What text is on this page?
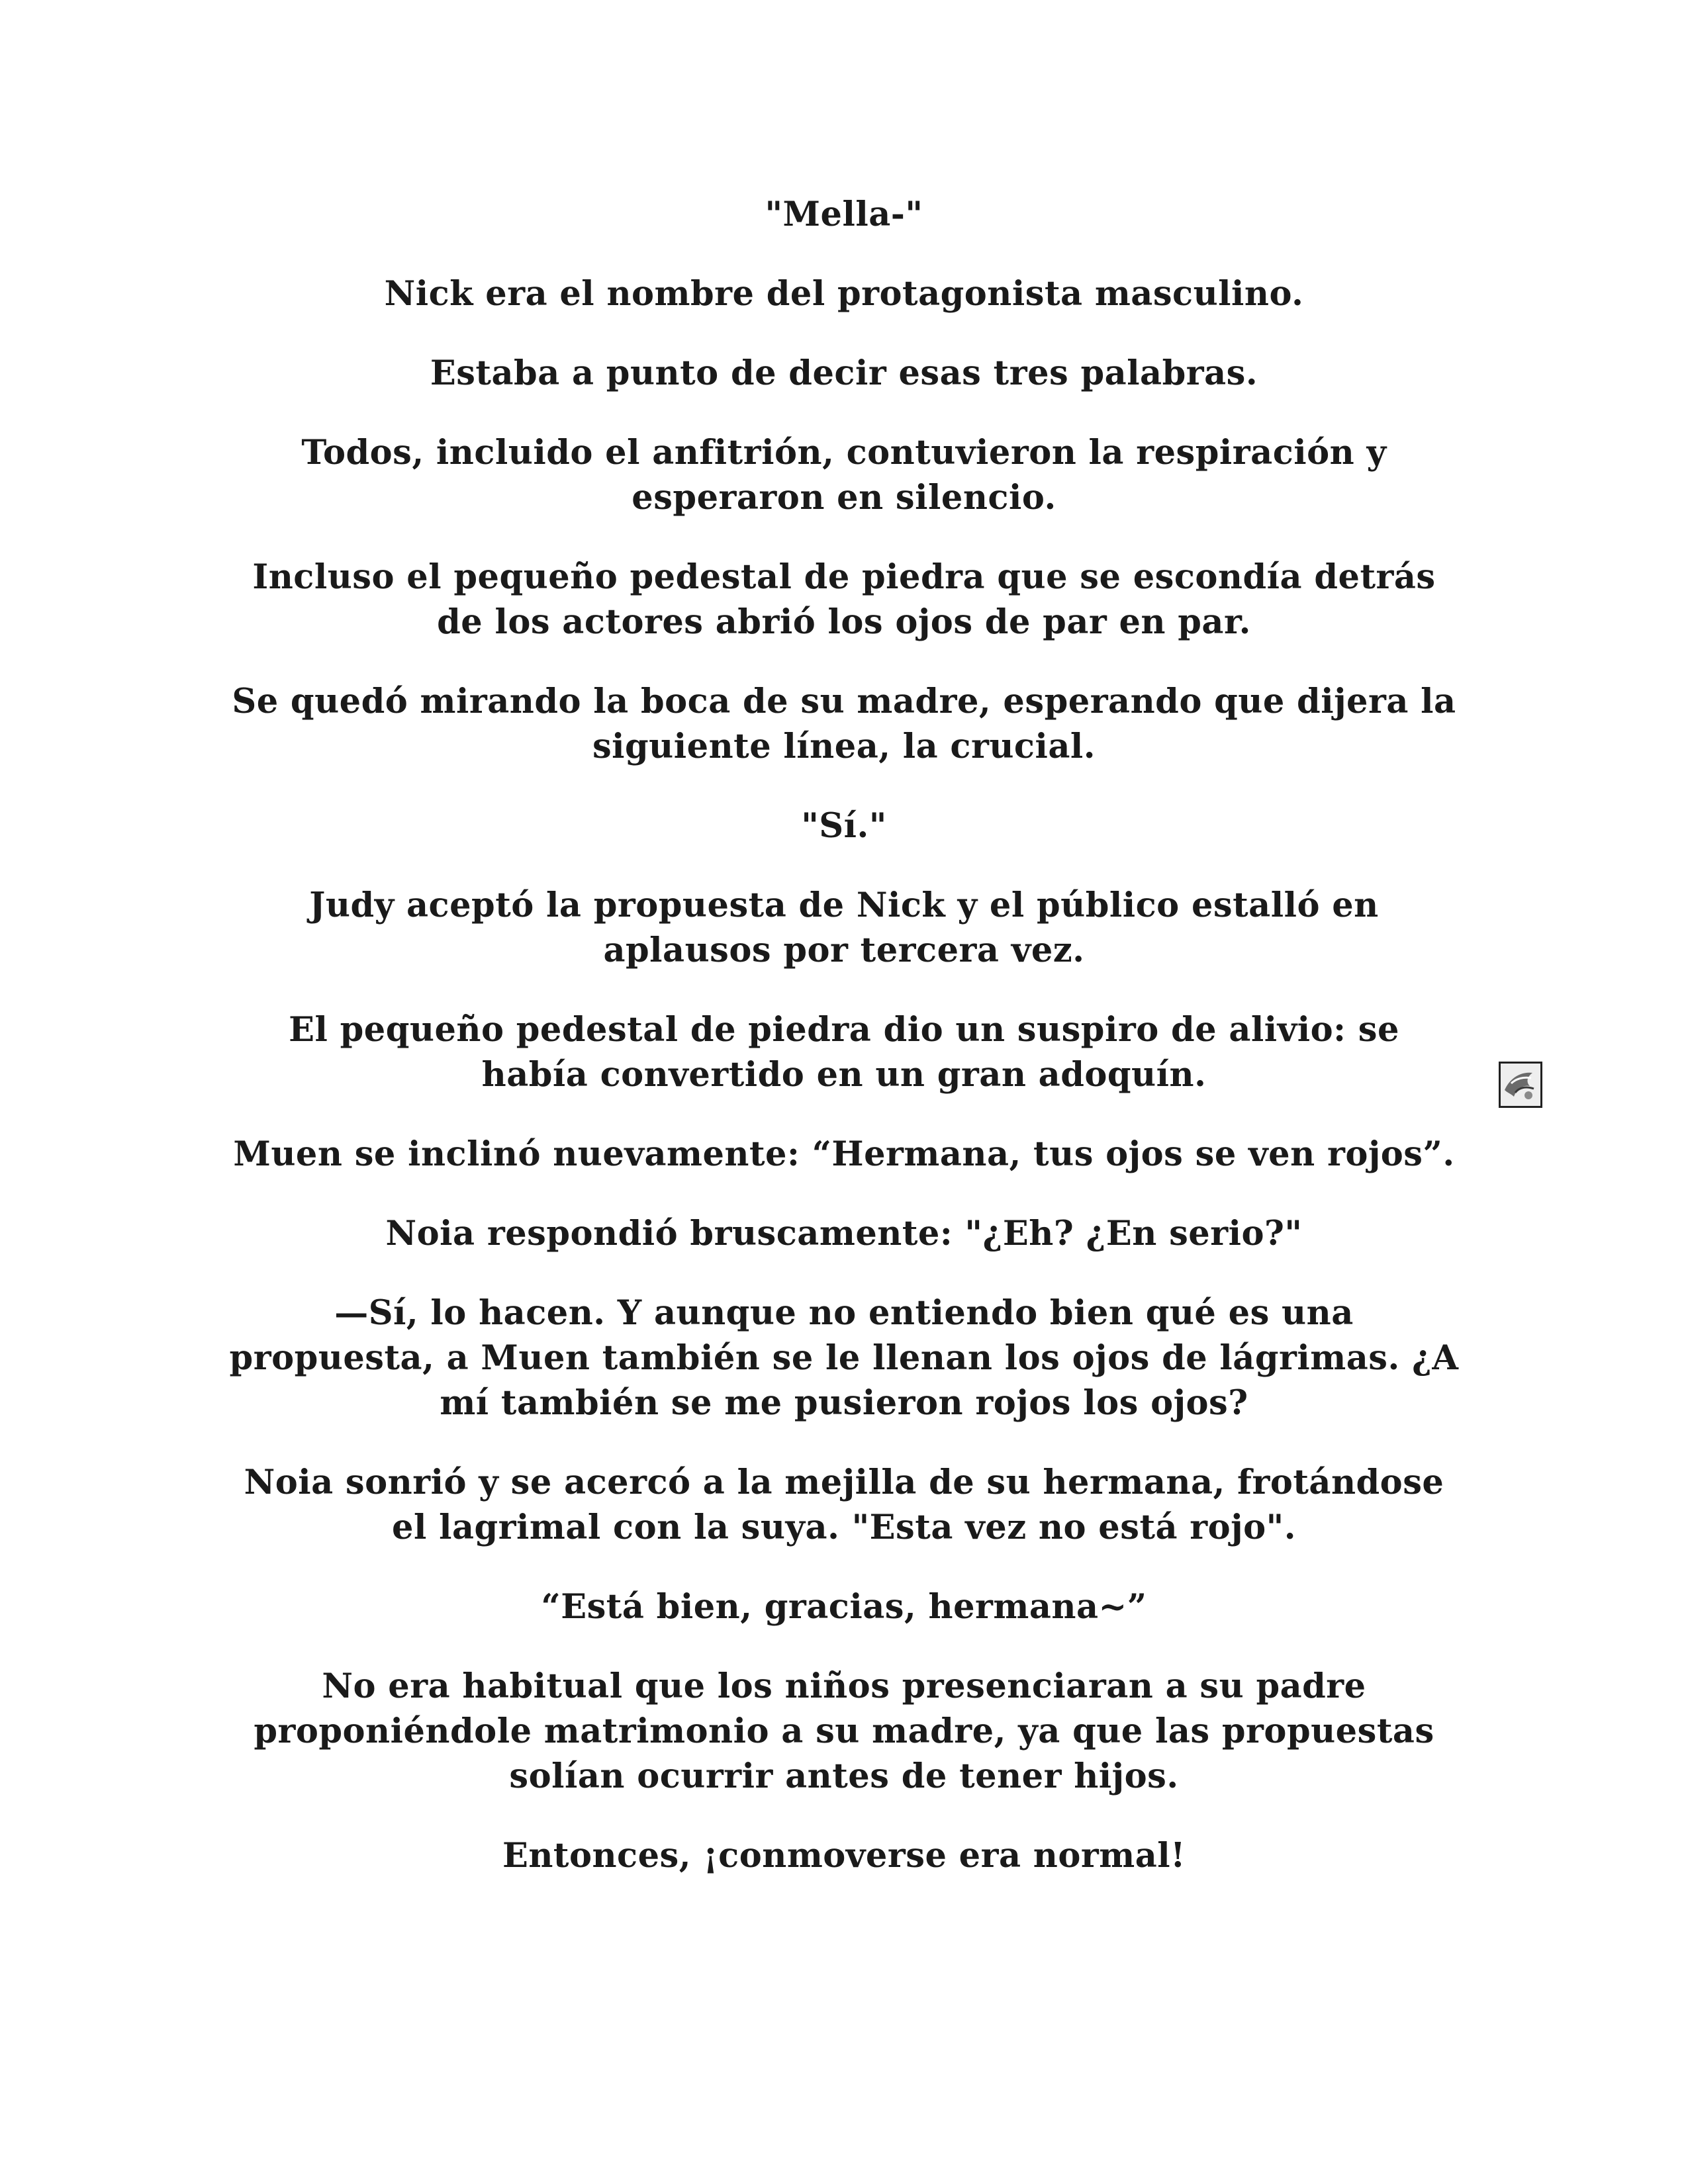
"Mella-"

Nick era el nombre del protagonista masculino.

Estaba a punto de decir esas tres palabras.

Todos, incluido el anfitrión, contuvieron la respiración y
esperaron en silencio.

Incluso el pequeño pedestal de piedra que se escondía detrás
de los actores abrió los ojos de par en par.

Se quedó mirando la boca de su madre, esperando que dijera la
siguiente línea, la crucial.

"Sí."

Judy aceptó la propuesta de Nick y el público estalló en
aplausos por tercera vez.

El pequeño pedestal de piedra dio un suspiro de alivio: se
había convertido en un gran adoquín.

Muen se inclinó nuevamente: “Hermana, tus ojos se ven rojos”.

Noia respondió bruscamente: "¿Eh? ¿En serio?"

—Sí, lo hacen. Y aunque no entiendo bien qué es una
propuesta, a Muen también se le llenan los ojos de lágrimas. ¿A
mí también se me pusieron rojos los ojos?

Noia sonrió y se acercó a la mejilla de su hermana, frotándose
el lagrimal con la suya. "Esta vez no está rojo".

“Está bien, gracias, hermana~”

No era habitual que los niños presenciaran a su padre
proponiéndole matrimonio a su madre, ya que las propuestas
solían ocurrir antes de tener hijos.

Entonces, ¡conmoverse era normal!
